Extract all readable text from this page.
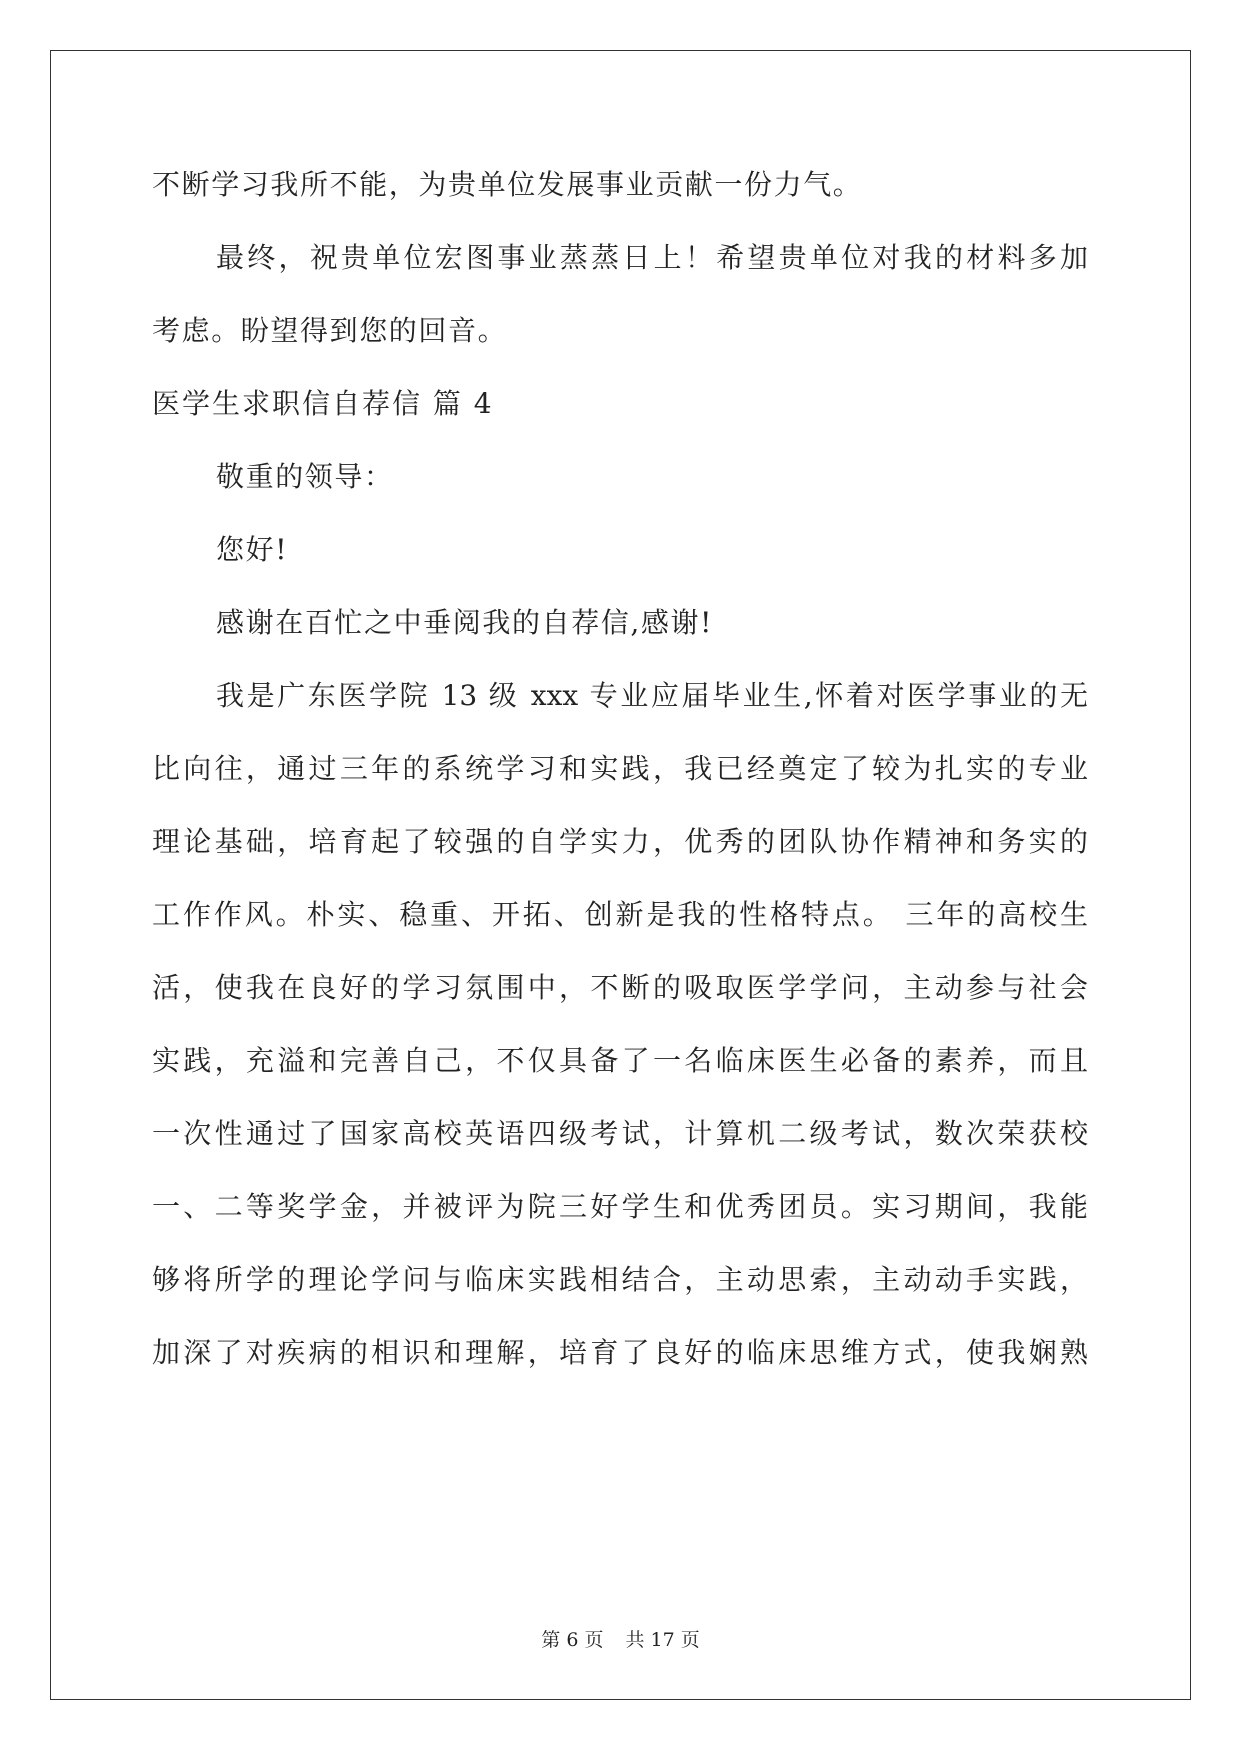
不断学习我所不能，为贵单位发展事业贡献一份力气。
最终，祝贵单位宏图事业蒸蒸日上！希望贵单位对我的材料多加
考虑。盼望得到您的回音。
医学生求职信自荐信 篇 4
敬重的领导：
您好!
感谢在百忙之中垂阅我的自荐信,感谢!
我是广东医学院 13 级 xxx 专业应届毕业生,怀着对医学事业的无
比向往，通过三年的系统学习和实践，我已经奠定了较为扎实的专业
理论基础，培育起了较强的自学实力，优秀的团队协作精神和务实的
工作作风。朴实、稳重、开拓、创新是我的性格特点。 三年的高校生
活，使我在良好的学习氛围中，不断的吸取医学学问，主动参与社会
实践，充溢和完善自己，不仅具备了一名临床医生必备的素养，而且
一次性通过了国家高校英语四级考试，计算机二级考试，数次荣获校
一、二等奖学金，并被评为院三好学生和优秀团员。实习期间，我能
够将所学的理论学问与临床实践相结合，主动思索，主动动手实践，
加深了对疾病的相识和理解，培育了良好的临床思维方式，使我娴熟
第 6 页 共 17 页
